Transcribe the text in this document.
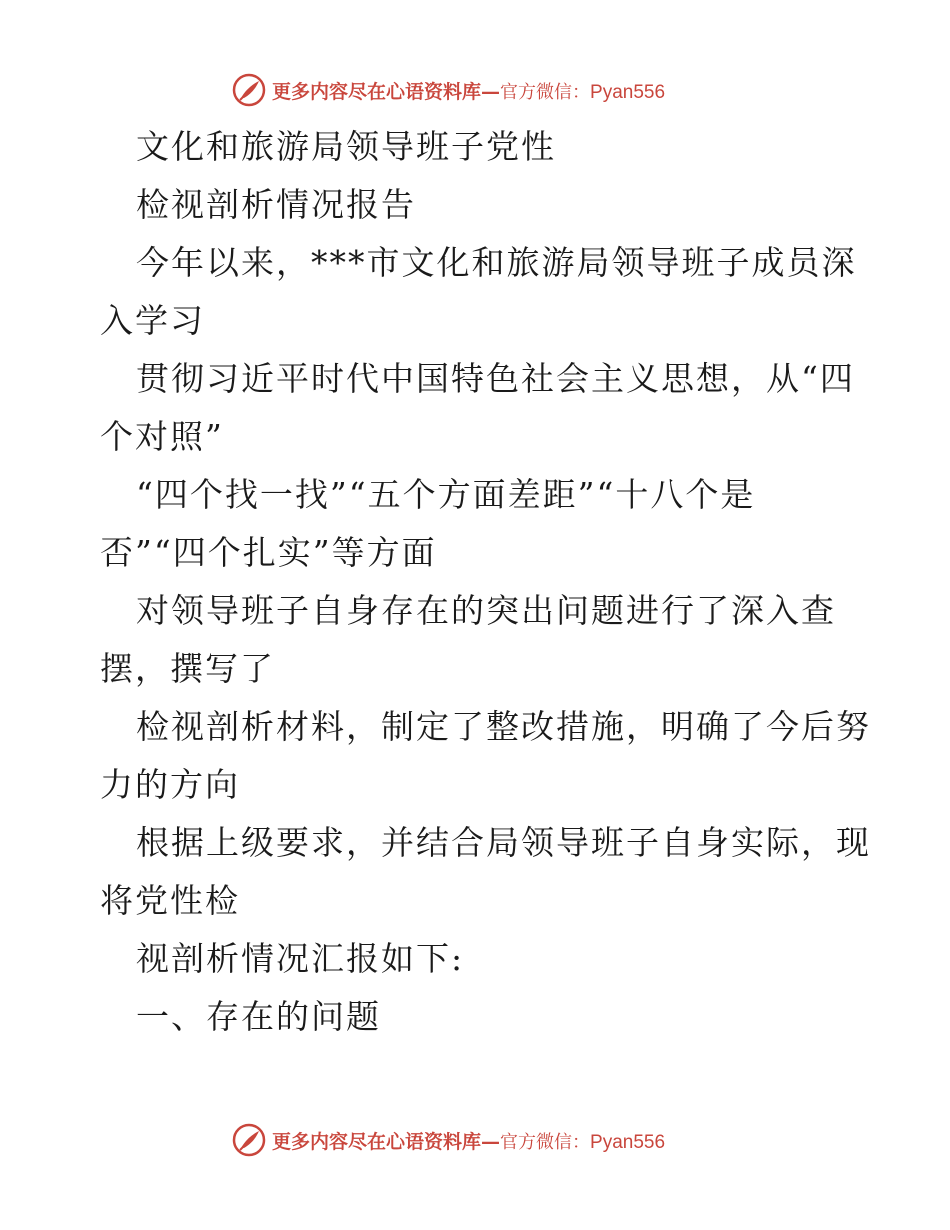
更多内容尽在心语资料库—官方微信：Pyan556
文化和旅游局领导班子党性
检视剖析情况报告
今年以来，***市文化和旅游局领导班子成员深
入学习
贯彻习近平时代中国特色社会主义思想，从“四
个对照”
“四个找一找”“五个方面差距”“十八个是
否”“四个扎实”等方面
对领导班子自身存在的突出问题进行了深入查
摆，撰写了
检视剖析材料，制定了整改措施，明确了今后努
力的方向
根据上级要求，并结合局领导班子自身实际，现
将党性检
视剖析情况汇报如下:
一、存在的问题
更多内容尽在心语资料库—官方微信：Pyan556
